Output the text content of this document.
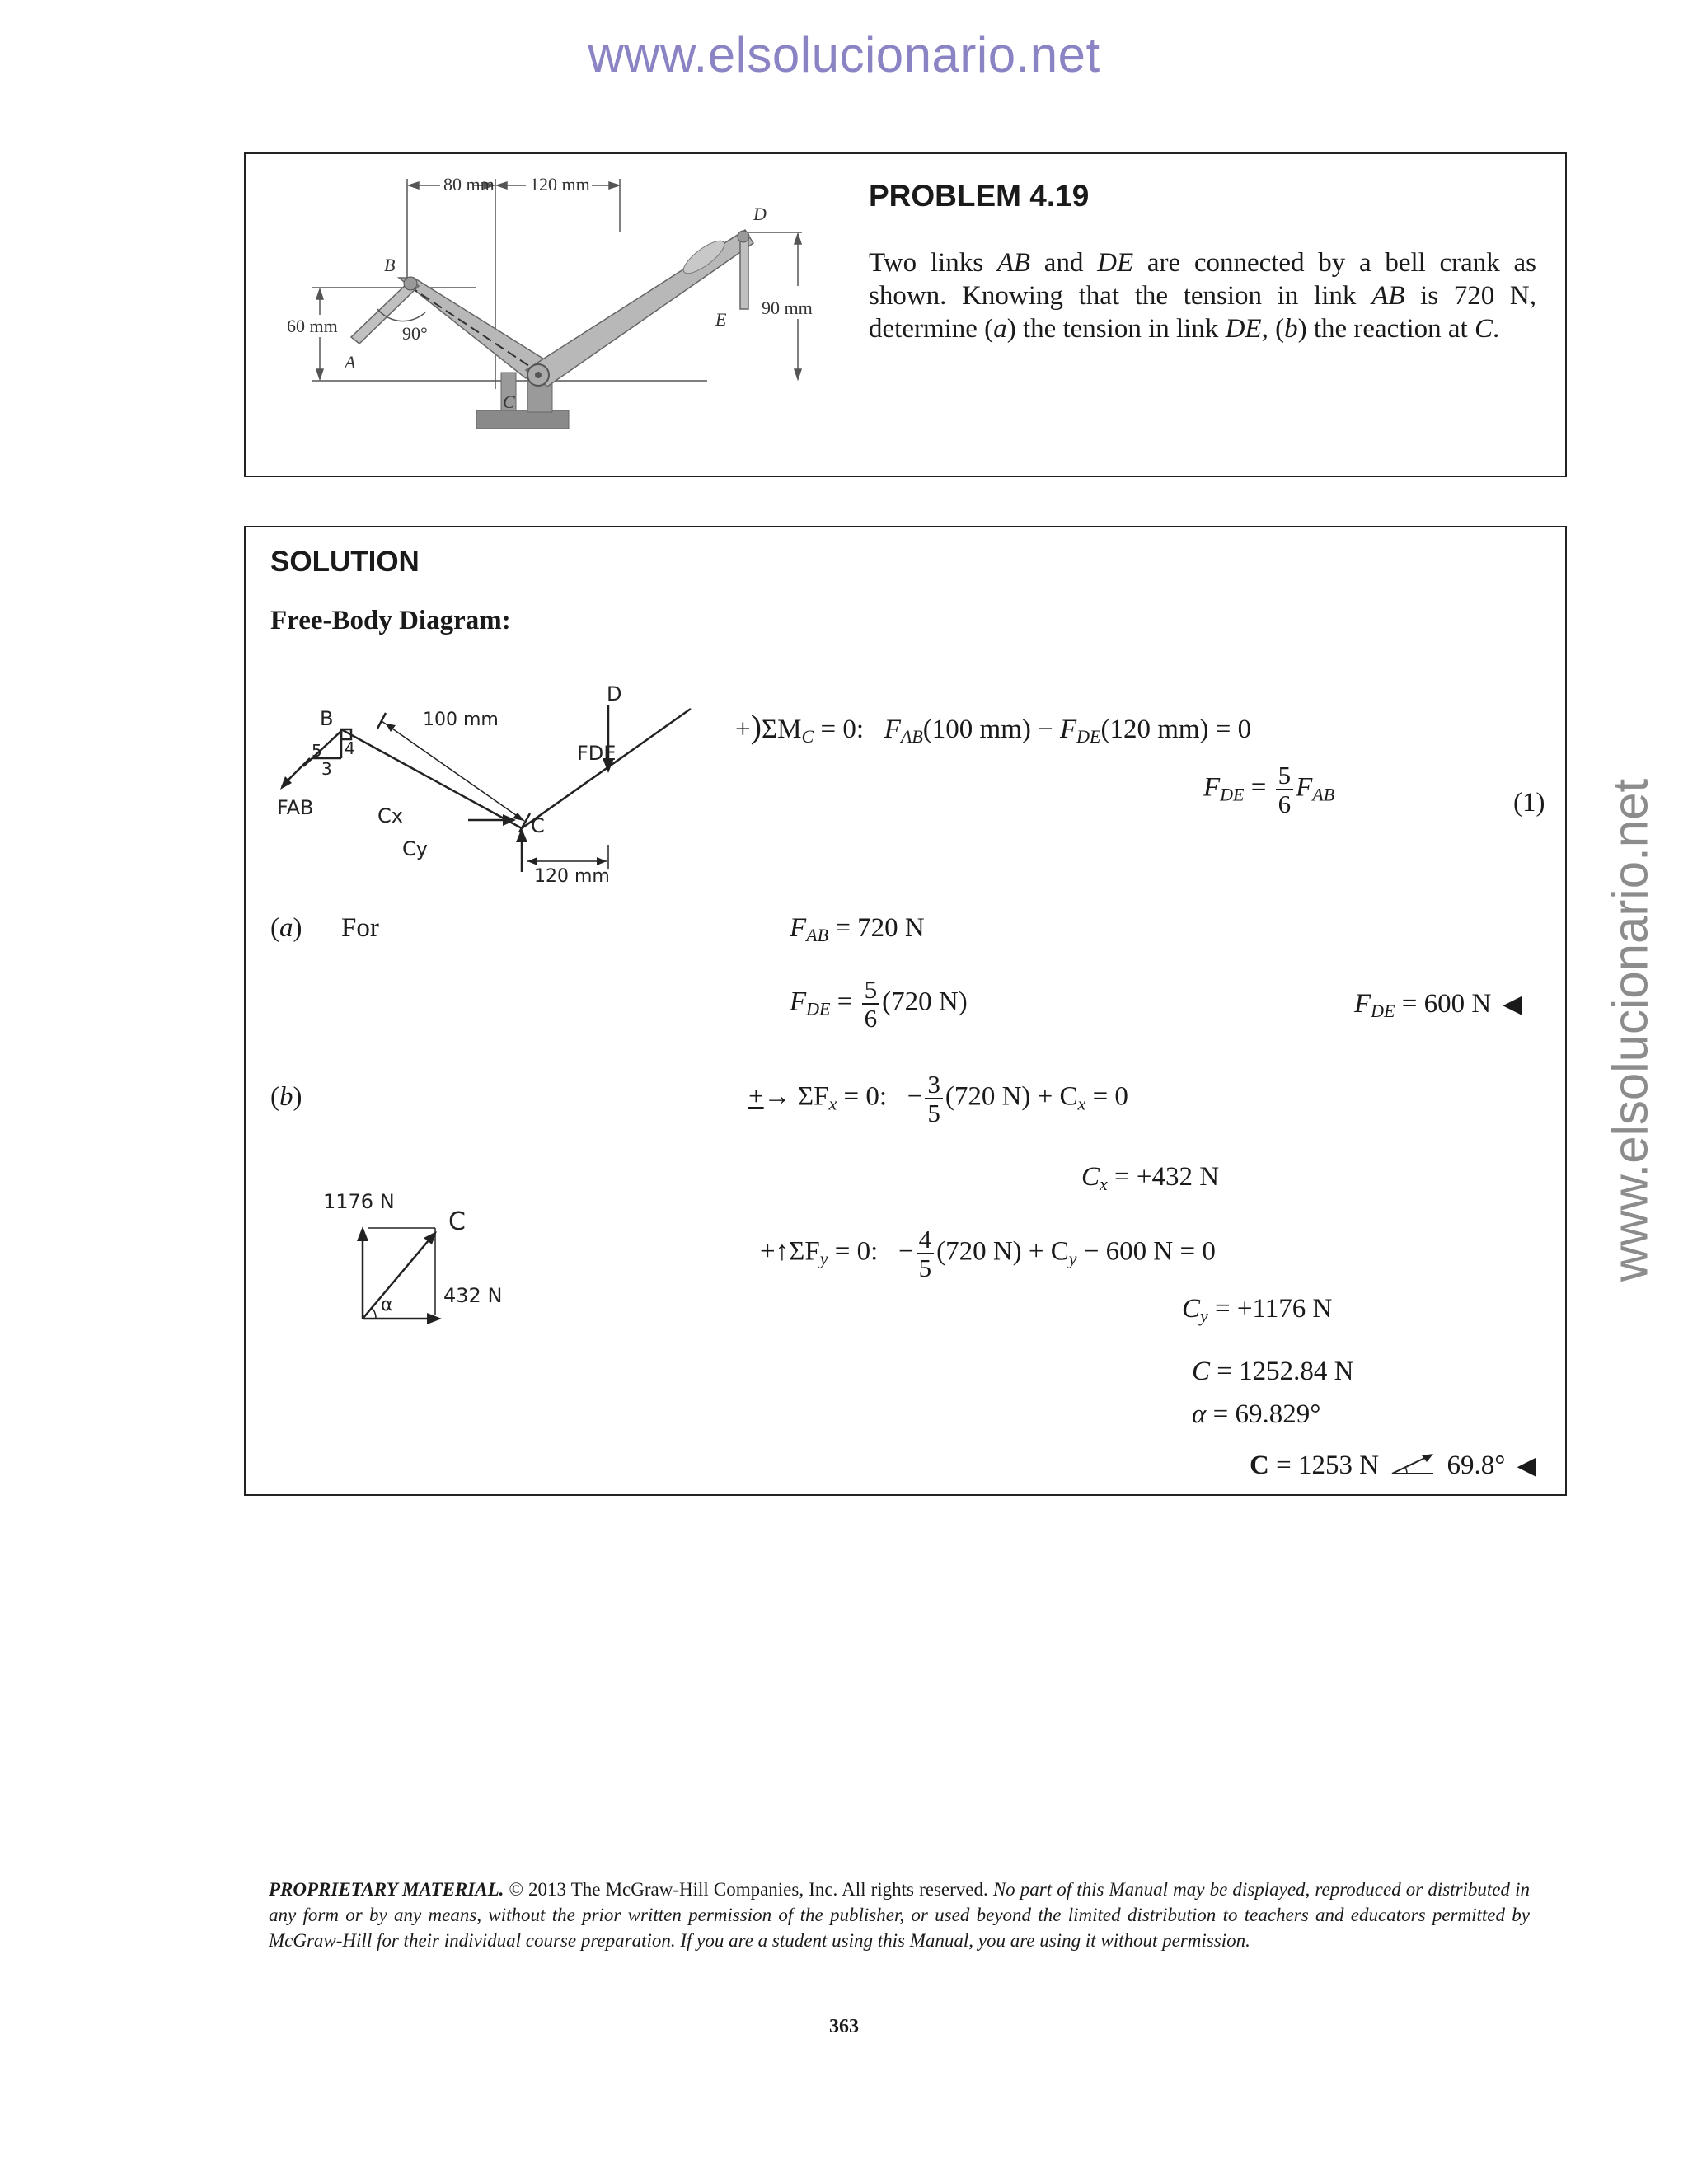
www.elsolucionario.net
www.elsolucionario.net
80 mm 120 mm
60 mm
90 mm
90°
A
B
C
D
E
PROBLEM 4.19
Two links AB and DE are connected by a bell crank as shown. Knowing that the tension in link AB is 720 N, determine (a) the tension in link DE, (b) the reaction at C.
SOLUTION
Free-Body Diagram:
B
D
C
100 mm
120 mm
5 4
3
FAB
FDE
Cx
Cy
1176 N
432 N
C
α
$+)\Sigma M_C = 0$: $F_{AB}(100$ $mm) - F_{DE}(120$ mm) = 0
$F_{DE} = \frac{5}{6} F_{AB}$	(1)
(a) For	$F_{AB} = 720$ N
$F_{DE} = \frac{5}{6} (720$ N)	$F_{DE} = 600$ N ◀
(b)	+→ $\Sigma F_x = 0$: − $\frac{3}{5} (720$ $N) + C_x = 0$
$C_x = +432$ N
$+↑\Sigma F_y = 0$: − $\frac{4}{5} (720$ $N) + C_y - 600$ N = 0
$C_y = +1176$ N
C = 1252.84 N
α = 69.829°
C = 1253 N	69.8° ◀
PROPRIETARY MATERIAL. © 2013 The McGraw-Hill Companies, Inc. All rights reserved. No part of this Manual may be displayed, reproduced or distributed in any form or by any means, without the prior written permission of the publisher, or used beyond the limited distribution to teachers and educators permitted by McGraw-Hill for their individual course preparation. If you are a student using this Manual, you are using it without permission.
363
